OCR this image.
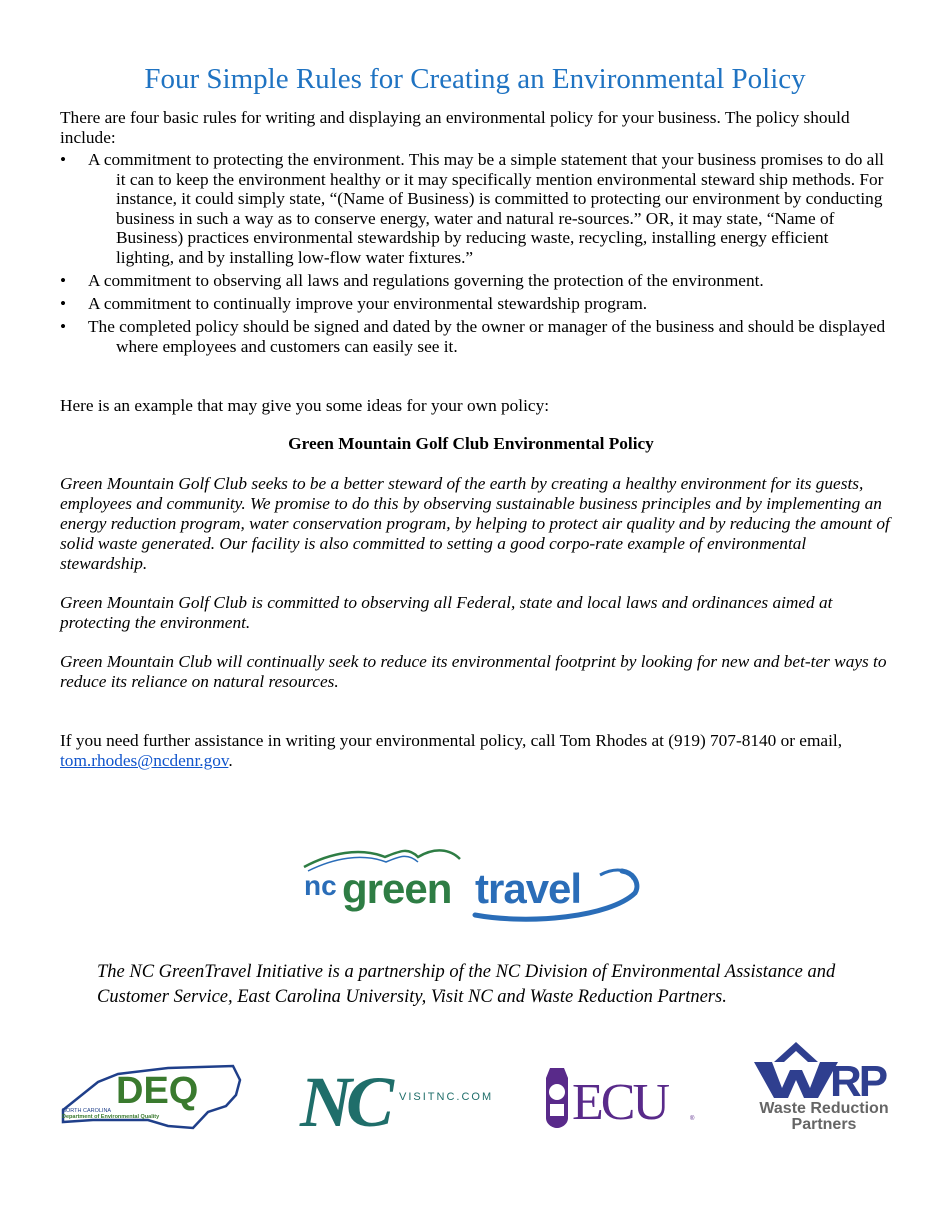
Four Simple Rules for Creating an Environmental Policy

There are four basic rules for writing and displaying an environmental policy for your business. The policy should include:

•	A commitment to protecting the environment. This may be a simple statement that your business promises to do all it can to keep the environment healthy or it may specifically mention environmental steward ship methods. For instance, it could simply state, “(Name of Business) is committed to protecting our environment by conducting business in such a way as to conserve energy, water and natural re-sources.” OR, it may state, “Name of Business) practices environmental stewardship by reducing waste, recycling, installing energy efficient lighting, and by installing low-flow water fixtures.”
•	A commitment to observing all laws and regulations governing the protection of the environment.
•	A commitment to continually improve your environmental stewardship program.
•	The completed policy should be signed and dated by the owner or manager of the business and should be displayed where employees and customers can easily see it.

Here is an example that may give you some ideas for your own policy:

Green Mountain Golf Club Environmental Policy

Green Mountain Golf Club seeks to be a better steward of the earth by creating a healthy environment for its guests, employees and community. We promise to do this by observing sustainable business principles and by implementing an energy reduction program, water conservation program, by helping to protect air quality and by reducing the amount of solid waste generated. Our facility is also committed to setting a good corpo-rate example of environmental stewardship.

Green Mountain Golf Club is committed to observing all Federal, state and local laws and ordinances aimed at protecting the environment.

Green Mountain Club will continually seek to reduce its environmental footprint by looking for new and bet-ter ways to reduce its reliance on natural resources.

If you need further assistance in writing your environmental policy, call Tom Rhodes at (919) 707-8140 or email, tom.rhodes@ncdenr.gov.

nc green travel

The NC GreenTravel Initiative is a partnership of the NC Division of Environmental Assistance and Customer Service, East Carolina University, Visit NC and Waste Reduction Partners.

DEQ
NORTH CAROLINA
Department of Environmental Quality NC VISITNC.COM ECU	®
RP
Waste Reduction
Partners
